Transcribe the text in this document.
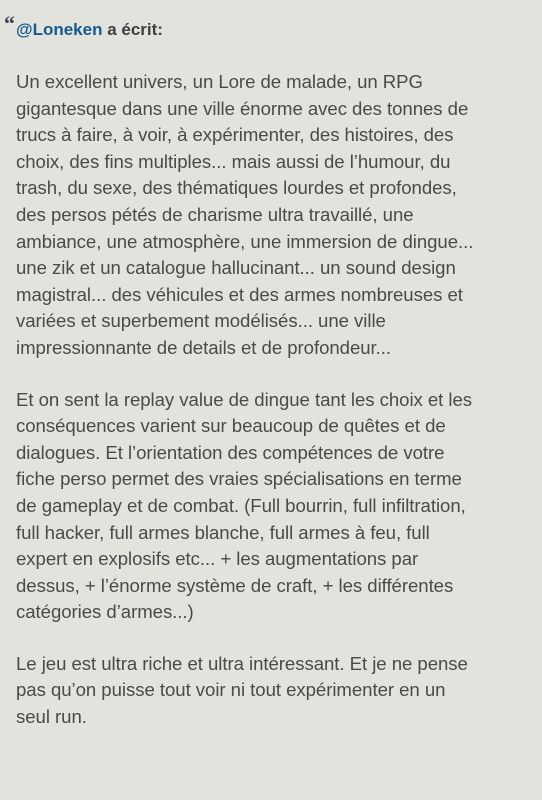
“ @Loneken a écrit:

Un excellent univers, un Lore de malade, un RPG
gigantesque dans une ville énorme avec des tonnes de
trucs à faire, à voir, à expérimenter, des histoires, des
choix, des fins multiples... mais aussi de l’humour, du
trash, du sexe, des thématiques lourdes et profondes,
des persos pétés de charisme ultra travaillé, une
ambiance, une atmosphère, une immersion de dingue...
une zik et un catalogue hallucinant... un sound design
magistral... des véhicules et des armes nombreuses et
variées et superbement modélisés... une ville
impressionnante de details et de profondeur...

Et on sent la replay value de dingue tant les choix et les
conséquences varient sur beaucoup de quêtes et de
dialogues. Et l’orientation des compétences de votre
fiche perso permet des vraies spécialisations en terme
de gameplay et de combat. (Full bourrin, full infiltration,
full hacker, full armes blanche, full armes à feu, full
expert en explosifs etc... + les augmentations par
dessus, + l’énorme système de craft, + les différentes
catégories d’armes...)

Le jeu est ultra riche et ultra intéressant. Et je ne pense
pas qu’on puisse tout voir ni tout expérimenter en un
seul run.
